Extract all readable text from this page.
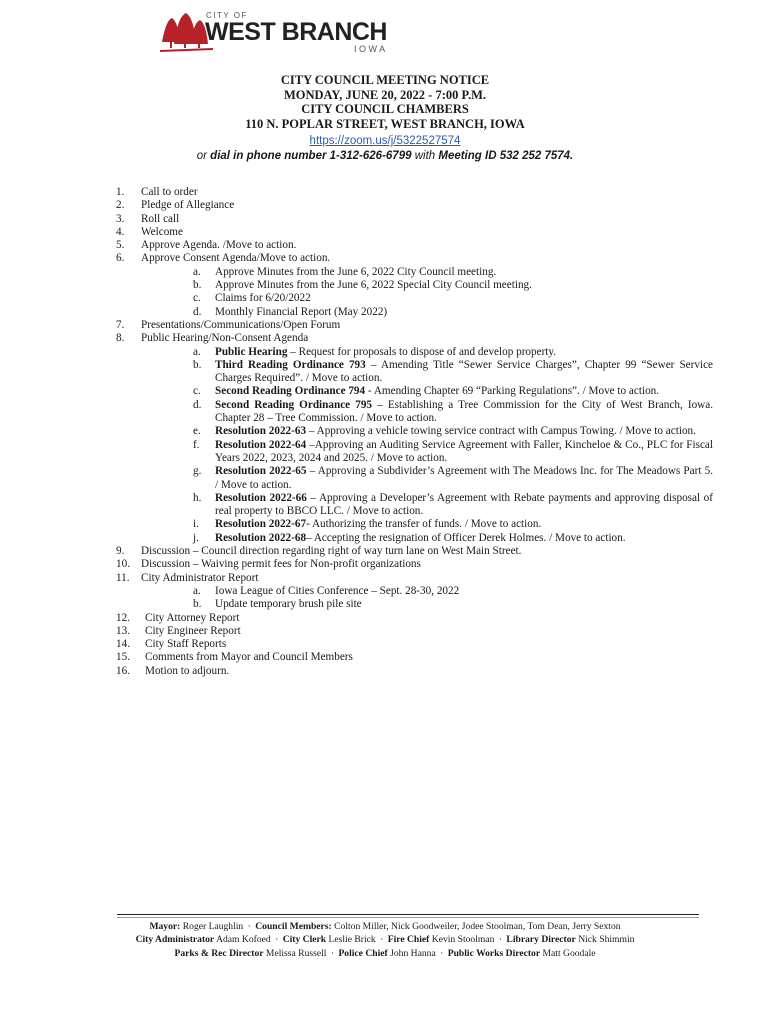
CITY OF
WEST BRANCH
IOWA
CITY COUNCIL MEETING NOTICE
MONDAY, JUNE 20, 2022 - 7:00 P.M.
CITY COUNCIL CHAMBERS
110 N. POPLAR STREET, WEST BRANCH, IOWA
https://zoom.us/j/5322527574
or dial in phone number 1-312-626-6799 with Meeting ID 532 252 7574.
1. Call to order
2. Pledge of Allegiance
3. Roll call
4. Welcome
5. Approve Agenda. /Move to action.
6. Approve Consent Agenda/Move to action.
a. Approve Minutes from the June 6, 2022 City Council meeting.
b. Approve Minutes from the June 6, 2022 Special City Council meeting.
c. Claims for 6/20/2022
d. Monthly Financial Report (May 2022)
7. Presentations/Communications/Open Forum
8. Public Hearing/Non-Consent Agenda
a. Public Hearing – Request for proposals to dispose of and develop property.
b. Third Reading Ordinance 793 – Amending Title “Sewer Service Charges”, Chapter 99 “Sewer Service Charges Required”. / Move to action.
c. Second Reading Ordinance 794 - Amending Chapter 69 “Parking Regulations”. / Move to action.
d. Second Reading Ordinance 795 – Establishing a Tree Commission for the City of West Branch, Iowa. Chapter 28 – Tree Commission. / Move to action.
e. Resolution 2022-63 – Approving a vehicle towing service contract with Campus Towing. / Move to action.
f. Resolution 2022-64 –Approving an Auditing Service Agreement with Faller, Kincheloe & Co., PLC for Fiscal Years 2022, 2023, 2024 and 2025. / Move to action.
g. Resolution 2022-65 – Approving a Subdivider’s Agreement with The Meadows Inc. for The Meadows Part 5. / Move to action.
h. Resolution 2022-66 – Approving a Developer’s Agreement with Rebate payments and approving disposal of real property to BBCO LLC. / Move to action.
i. Resolution 2022-67- Authorizing the transfer of funds. / Move to action.
j. Resolution 2022-68– Accepting the resignation of Officer Derek Holmes. / Move to action.
9. Discussion – Council direction regarding right of way turn lane on West Main Street.
10. Discussion – Waiving permit fees for Non-profit organizations
11. City Administrator Report
a. Iowa League of Cities Conference – Sept. 28-30, 2022
b. Update temporary brush pile site
12. City Attorney Report
13. City Engineer Report
14. City Staff Reports
15. Comments from Mayor and Council Members
16. Motion to adjourn.
Mayor: Roger Laughlin · Council Members: Colton Miller, Nick Goodweiler, Jodee Stoolman, Tom Dean, Jerry Sexton
City Administrator Adam Kofoed · City Clerk Leslie Brick · Fire Chief Kevin Stoolman · Library Director Nick Shimmin
Parks & Rec Director Melissa Russell · Police Chief John Hanna · Public Works Director Matt Goodale
